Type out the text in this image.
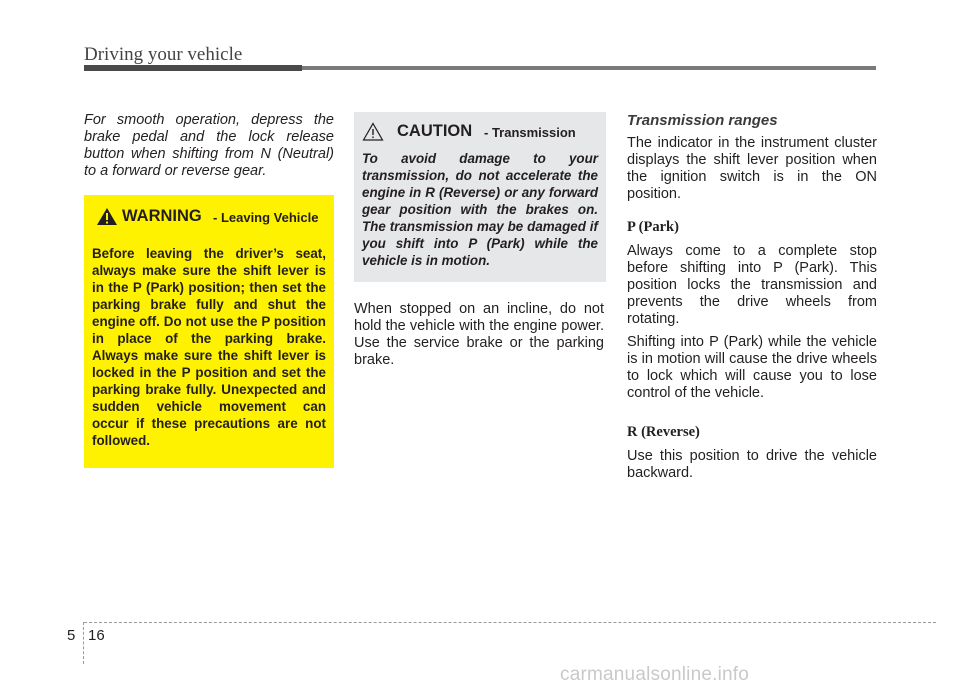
Driving your vehicle
For smooth operation, depress the brake pedal and the lock release button when shifting from N (Neutral) to a forward or reverse gear.
WARNING - Leaving Vehicle
Before leaving the driver’s seat, always make sure the shift lever is in the P (Park) position; then set the parking brake fully and shut the engine off. Do not use the P position in place of the parking brake. Always make sure the shift lever is locked in the P position and set the parking brake fully. Unexpected and sudden vehicle movement can occur if these precautions are not followed.
CAUTION - Transmission
To avoid damage to your transmission, do not accelerate the engine in R (Reverse) or any forward gear position with the brakes on. The transmission may be damaged if you shift into P (Park) while the vehicle is in motion.
When stopped on an incline, do not hold the vehicle with the engine power. Use the service brake or the parking brake.
Transmission ranges
The indicator in the instrument cluster displays the shift lever position when the ignition switch is in the ON position.
P (Park)
Always come to a complete stop before shifting into P (Park). This position locks the transmission and prevents the drive wheels from rotating.
Shifting into P (Park) while the vehicle is in motion will cause the drive wheels to lock which will cause you to lose control of the vehicle.
R (Reverse)
Use this position to drive the vehicle backward.
5 16
carmanualsonline.info
